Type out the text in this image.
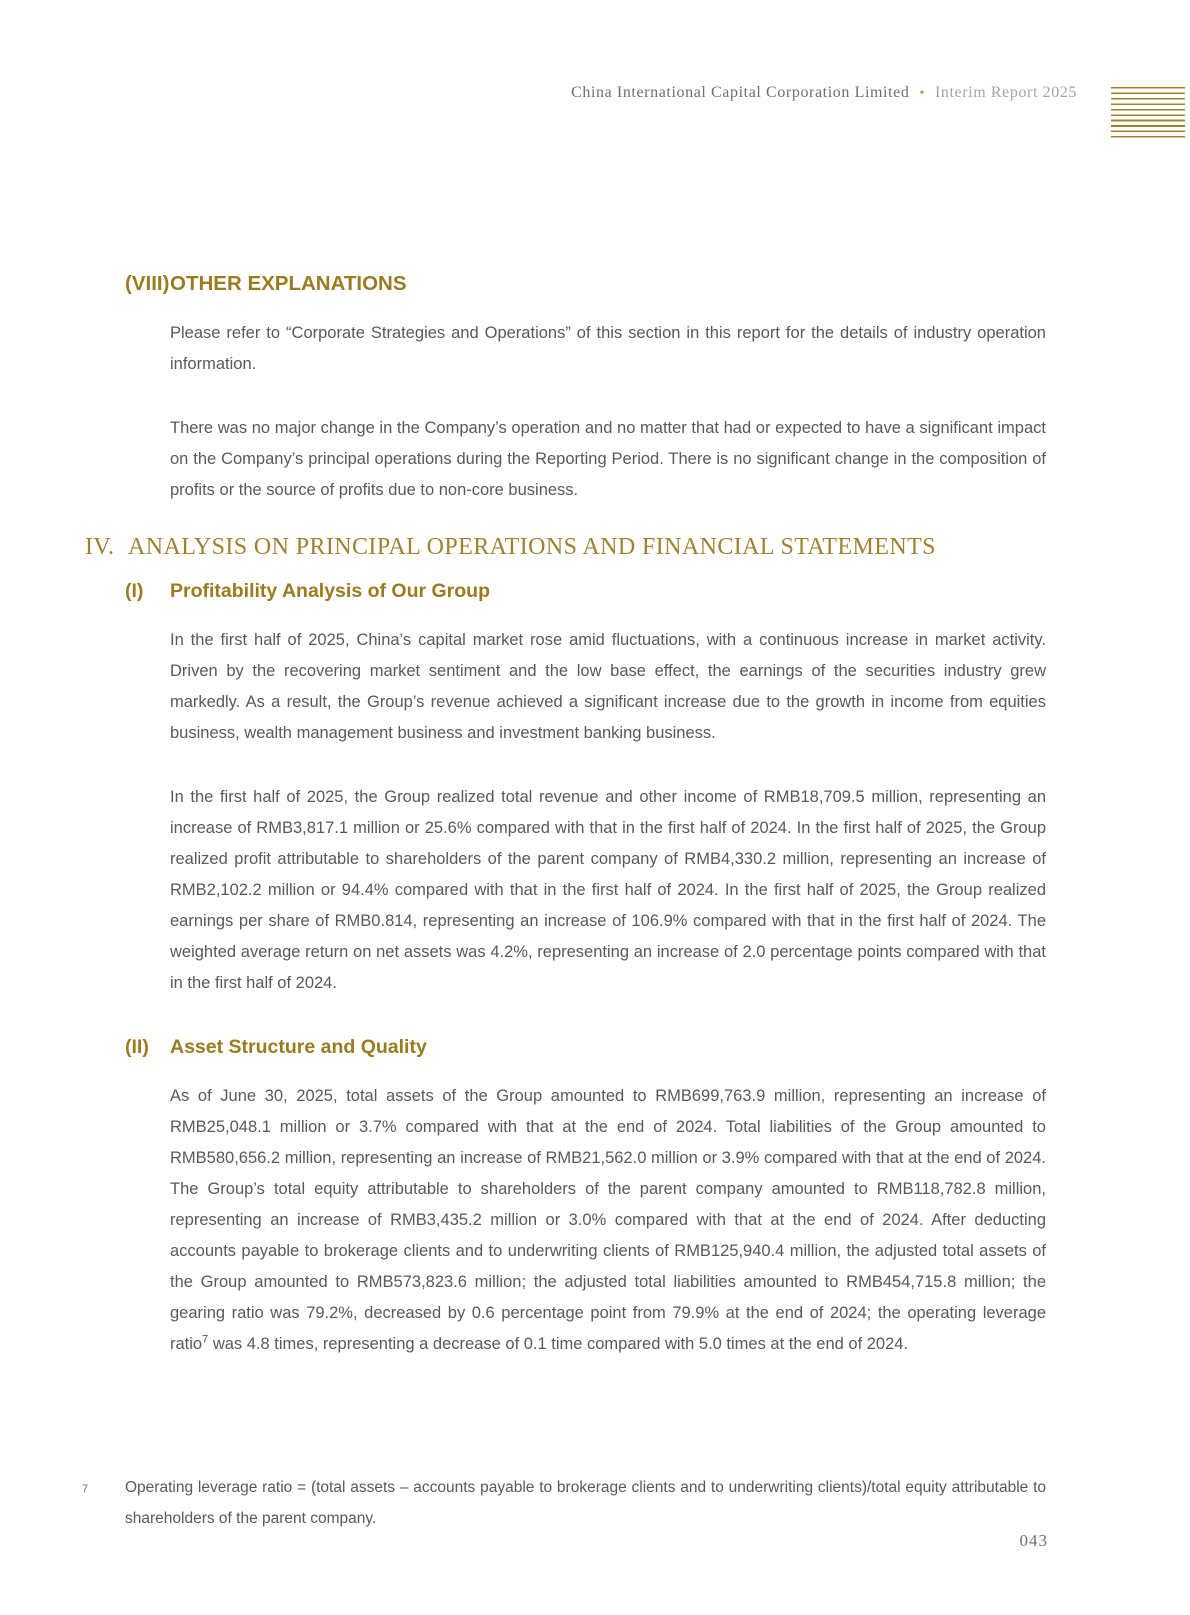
China International Capital Corporation Limited • Interim Report 2025
(VIII) OTHER EXPLANATIONS

Please refer to “Corporate Strategies and Operations” of this section in this report for the details of industry operation information.

There was no major change in the Company’s operation and no matter that had or expected to have a significant impact on the Company’s principal operations during the Reporting Period. There is no significant change in the composition of profits or the source of profits due to non-core business.

IV. ANALYSIS ON PRINCIPAL OPERATIONS AND FINANCIAL STATEMENTS
(I)	Profitability Analysis of Our Group

In the first half of 2025, China’s capital market rose amid fluctuations, with a continuous increase in market activity. Driven by the recovering market sentiment and the low base effect, the earnings of the securities industry grew markedly. As a result, the Group’s revenue achieved a significant increase due to the growth in income from equities business, wealth management business and investment banking business.

In the first half of 2025, the Group realized total revenue and other income of RMB18,709.5 million, representing an increase of RMB3,817.1 million or 25.6% compared with that in the first half of 2024. In the first half of 2025, the Group realized profit attributable to shareholders of the parent company of RMB4,330.2 million, representing an increase of RMB2,102.2 million or 94.4% compared with that in the first half of 2024. In the first half of 2025, the Group realized earnings per share of RMB0.814, representing an increase of 106.9% compared with that in the first half of 2024. The weighted average return on net assets was 4.2%, representing an increase of 2.0 percentage points compared with that in the first half of 2024.

(II)	Asset Structure and Quality

As of June 30, 2025, total assets of the Group amounted to RMB699,763.9 million, representing an increase of RMB25,048.1 million or 3.7% compared with that at the end of 2024. Total liabilities of the Group amounted to RMB580,656.2 million, representing an increase of RMB21,562.0 million or 3.9% compared with that at the end of 2024. The Group’s total equity attributable to shareholders of the parent company amounted to RMB118,782.8 million, representing an increase of RMB3,435.2 million or 3.0% compared with that at the end of 2024. After deducting accounts payable to brokerage clients and to underwriting clients of RMB125,940.4 million, the adjusted total assets of the Group amounted to RMB573,823.6 million; the adjusted total liabilities amounted to RMB454,715.8 million; the gearing ratio was 79.2%, decreased by 0.6 percentage point from 79.9% at the end of 2024; the operating leverage ratio$^7$ was 4.8 times, representing a decrease of 0.1 time compared with 5.0 times at the end of 2024.

7	Operating leverage ratio = (total assets – accounts payable to brokerage clients and to underwriting clients)/total equity attributable to shareholders of the parent company.
043
